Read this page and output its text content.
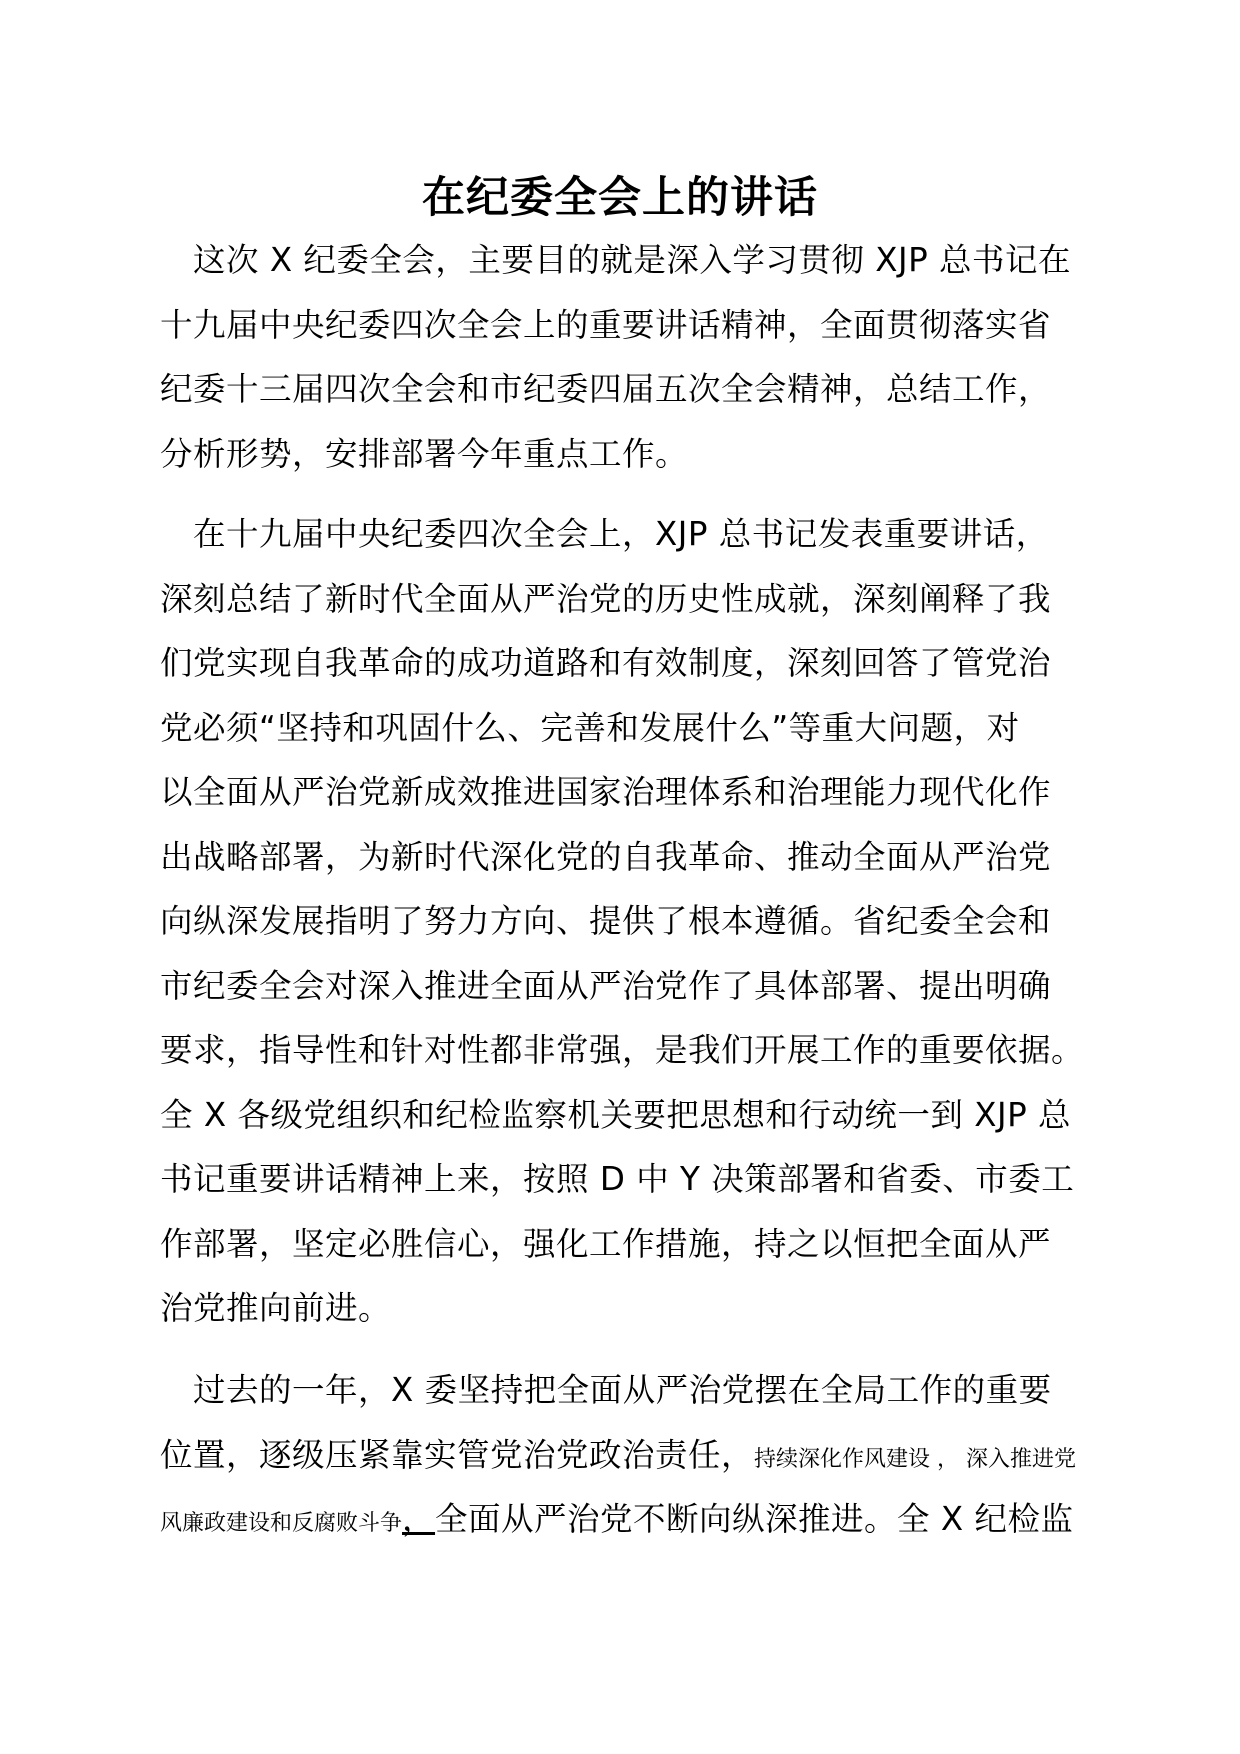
在纪委全会上的讲话
　这次 X 纪委全会，主要目的就是深入学习贯彻 XJP 总书记在
十九届中央纪委四次全会上的重要讲话精神，全面贯彻落实省
纪委十三届四次全会和市纪委四届五次全会精神，总结工作，
分析形势，安排部署今年重点工作。
　在十九届中央纪委四次全会上，XJP 总书记发表重要讲话，
深刻总结了新时代全面从严治党的历史性成就，深刻阐释了我
们党实现自我革命的成功道路和有效制度，深刻回答了管党治
党必须“坚持和巩固什么、完善和发展什么”等重大问题，对
以全面从严治党新成效推进国家治理体系和治理能力现代化作
出战略部署，为新时代深化党的自我革命、推动全面从严治党
向纵深发展指明了努力方向、提供了根本遵循。省纪委全会和
市纪委全会对深入推进全面从严治党作了具体部署、提出明确
要求，指导性和针对性都非常强，是我们开展工作的重要依据。
全 X 各级党组织和纪检监察机关要把思想和行动统一到 XJP 总
书记重要讲话精神上来，按照 D 中 Y 决策部署和省委、市委工
作部署，坚定必胜信心，强化工作措施，持之以恒把全面从严
治党推向前进。
　过去的一年，X 委坚持把全面从严治党摆在全局工作的重要
位置，逐级压紧靠实管党治党政治责任，持续深化作风建设 ， 深入推进党
风廉政建设和反腐败斗争，全面从严治党不断向纵深推进。全 X 纪检监
